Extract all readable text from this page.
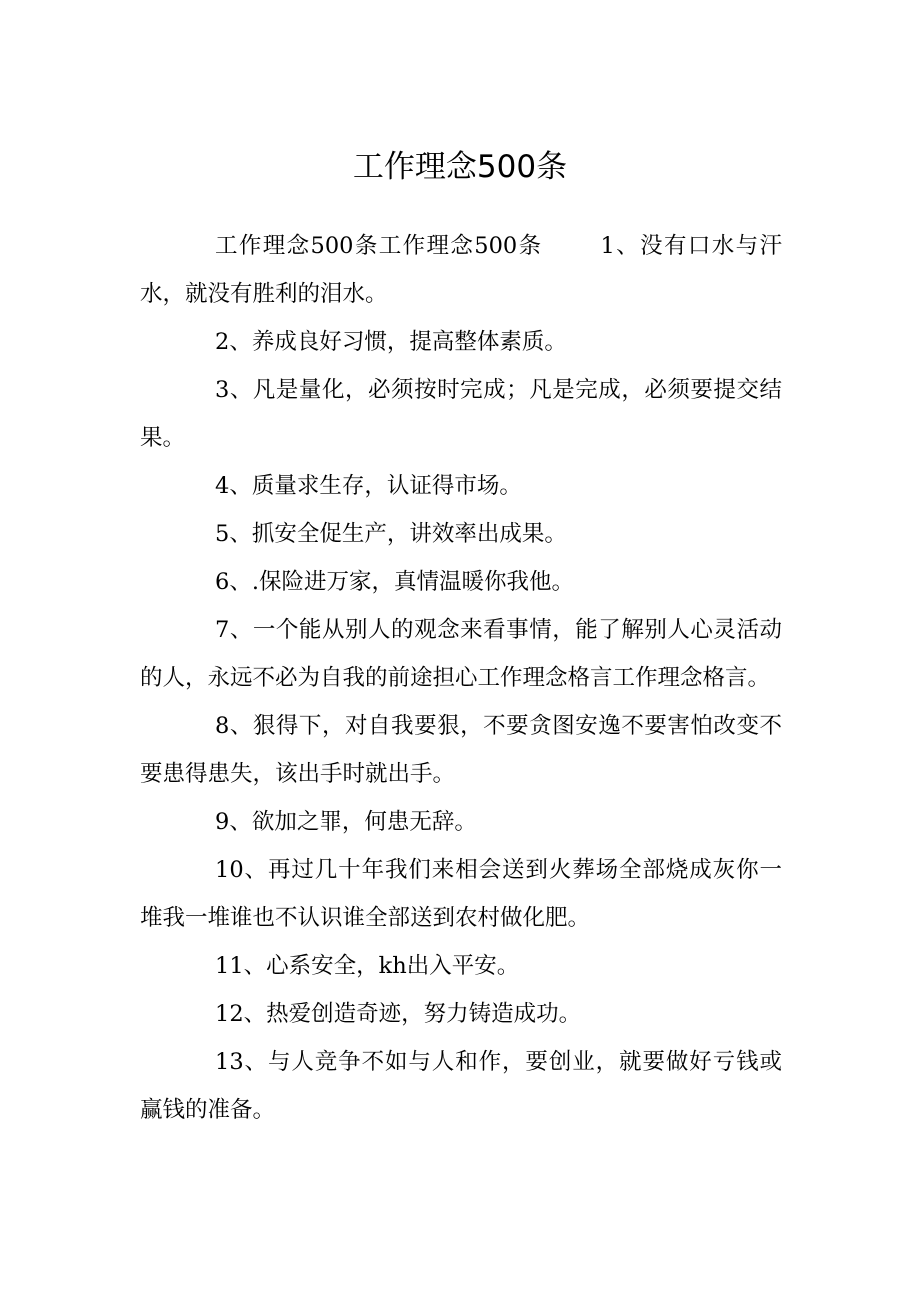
工作理念500条

工作理念500条工作理念500条	1、没有口水与汗水，就没有胜利的泪水。

2、养成良好习惯，提高整体素质。

3、凡是量化，必须按时完成；凡是完成，必须要提交结果。

4、质量求生存，认证得市场。

5、抓安全促生产，讲效率出成果。

6、.保险进万家，真情温暖你我他。

7、一个能从别人的观念来看事情，能了解别人心灵活动的人，永远不必为自我的前途担心工作理念格言工作理念格言。

8、狠得下，对自我要狠，不要贪图安逸不要害怕改变不要患得患失，该出手时就出手。

9、欲加之罪，何患无辞。

10、再过几十年我们来相会送到火葬场全部烧成灰你一堆我一堆谁也不认识谁全部送到农村做化肥。

11、心系安全，kh出入平安。

12、热爱创造奇迹，努力铸造成功。

13、与人竞争不如与人和作，要创业，就要做好亏钱或赢钱的准备。
